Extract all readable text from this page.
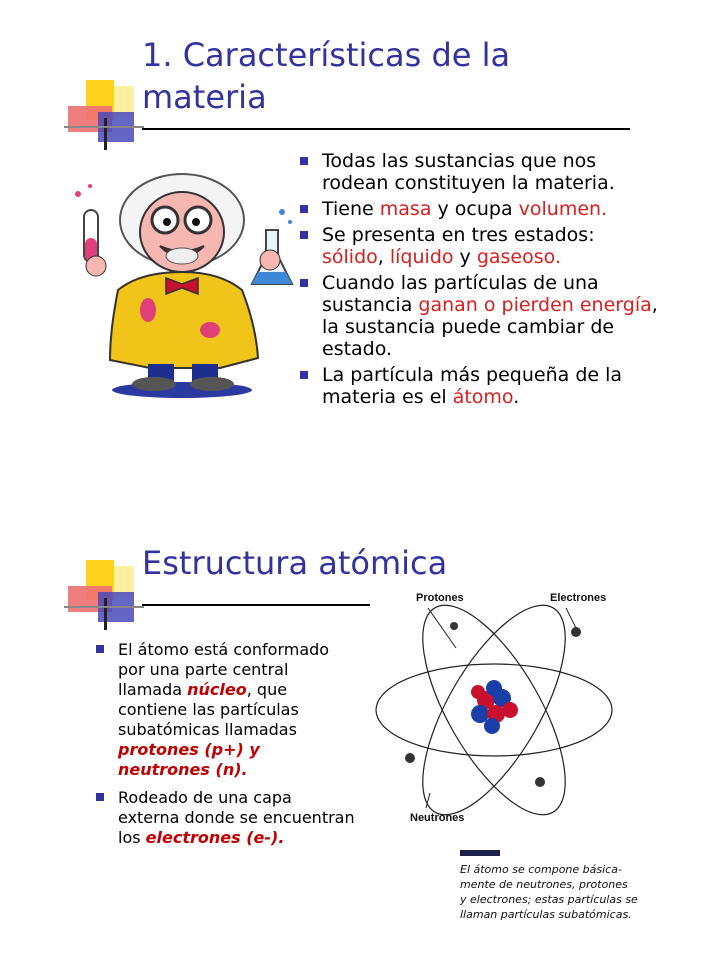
1. Características de la
materia
Todas las sustancias que nos rodean constituyen la materia.
Tiene masa y ocupa volumen.
Se presenta en tres estados: sólido, líquido y gaseoso.
Cuando las partículas de una sustancia ganan o pierden energía, la sustancia puede cambiar de estado.
La partícula más pequeña de la materia es el átomo.
Estructura atómica
El átomo está conformado por una parte central llamada núcleo, que contiene las partículas subatómicas llamadas protones (p+) y neutrones (n).
Rodeado de una capa externa donde se encuentran los electrones (e-).
Protones	Electrones
Neutrones
El átomo se compone básica-
mente de neutrones, protones
y electrones; estas partículas se
llaman partículas subatómicas.
